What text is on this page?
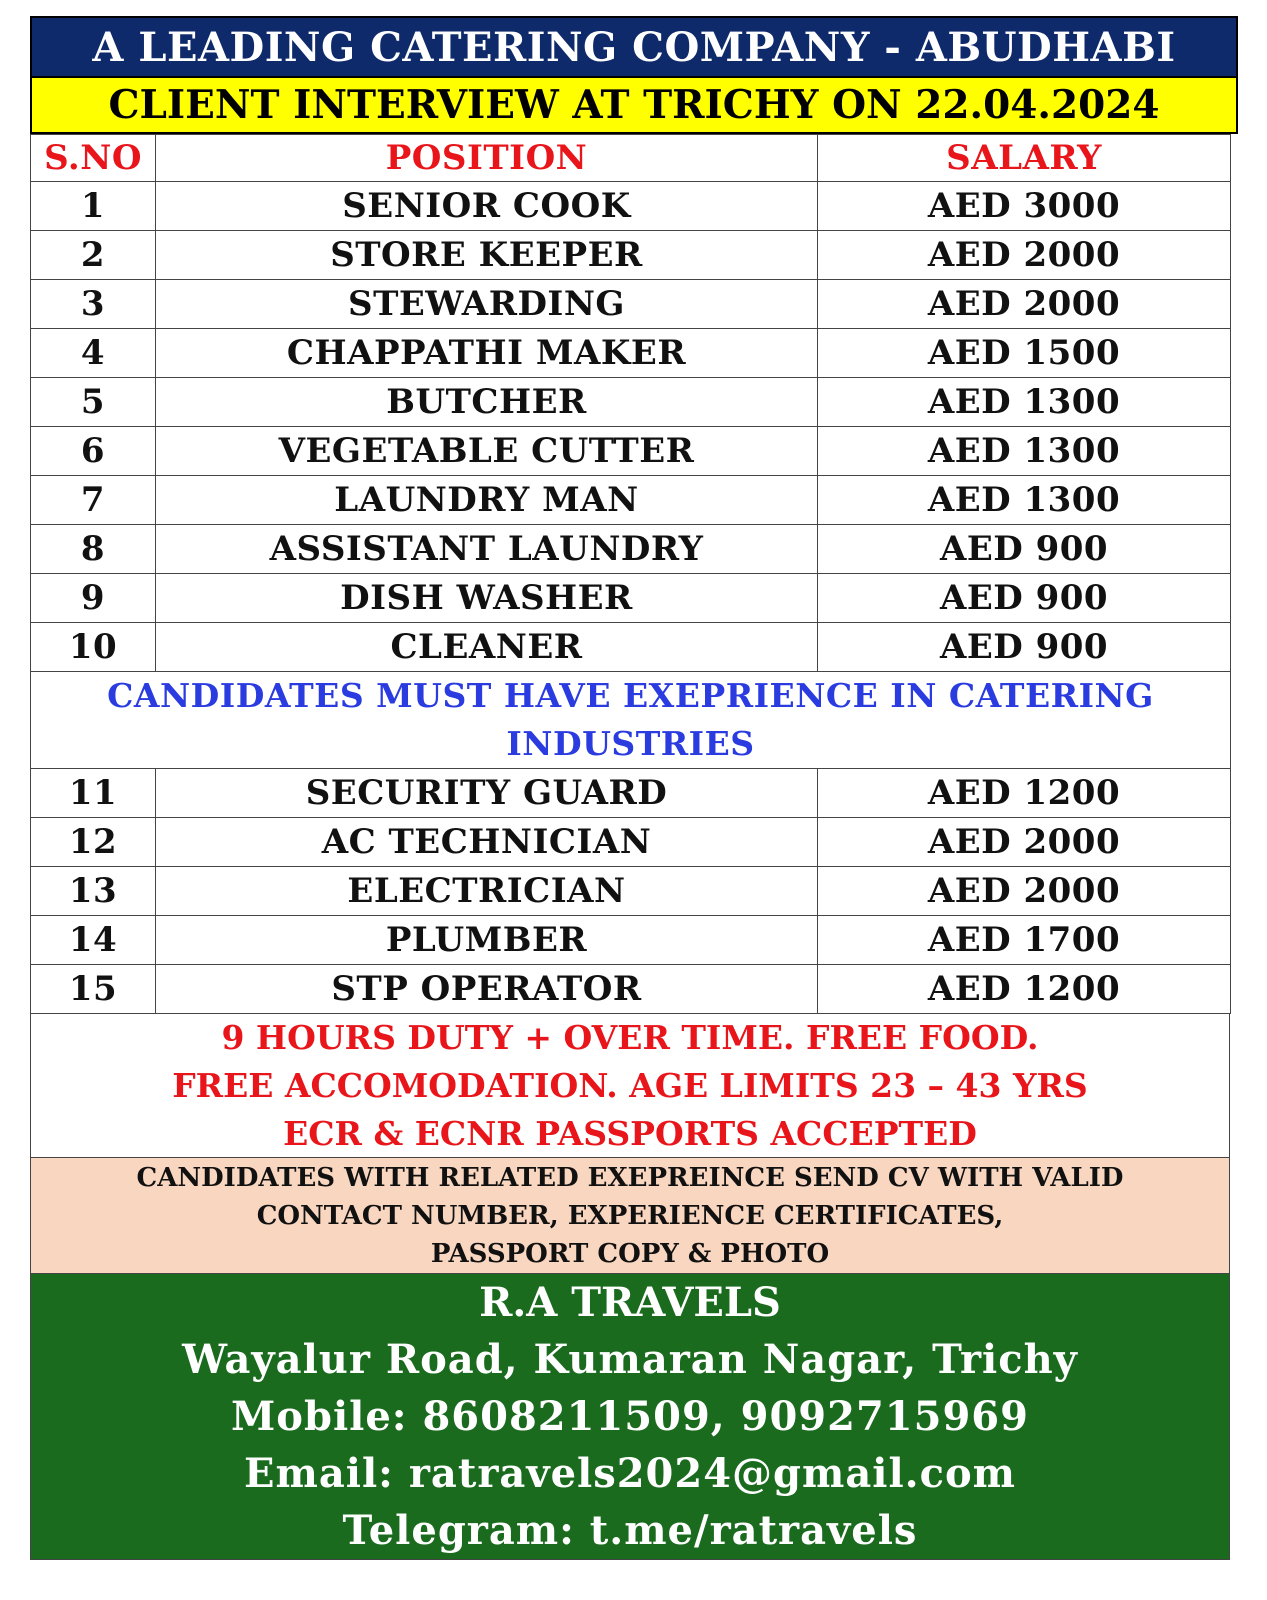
A LEADING CATERING COMPANY - ABUDHABI
CLIENT INTERVIEW AT TRICHY ON 22.04.2024
S.NO	POSITION	SALARY
1	SENIOR COOK	AED 3000
2	STORE KEEPER	AED 2000
3	STEWARDING	AED 2000
4	CHAPPATHI MAKER	AED 1500
5	BUTCHER	AED 1300
6	VEGETABLE CUTTER	AED 1300
7	LAUNDRY MAN	AED 1300
8	ASSISTANT LAUNDRY	AED 900
9	DISH WASHER	AED 900
10	CLEANER	AED 900
CANDIDATES MUST HAVE EXEPRIENCE IN CATERING INDUSTRIES		
11	SECURITY GUARD	AED 1200
12	AC TECHNICIAN	AED 2000
13	ELECTRICIAN	AED 2000
14	PLUMBER	AED 1700
15	STP OPERATOR	AED 1200
9 HOURS DUTY + OVER TIME. FREE FOOD.
FREE ACCOMODATION. AGE LIMITS 23 – 43 YRS
ECR & ECNR PASSPORTS ACCEPTED
CANDIDATES WITH RELATED EXEPREINCE SEND CV WITH VALID
CONTACT NUMBER, EXPERIENCE CERTIFICATES,
PASSPORT COPY & PHOTO
R.A TRAVELS
Wayalur Road, Kumaran Nagar, Trichy
Mobile: 8608211509, 9092715969
Email: ratravels2024@gmail.com
Telegram: t.me/ratravels
